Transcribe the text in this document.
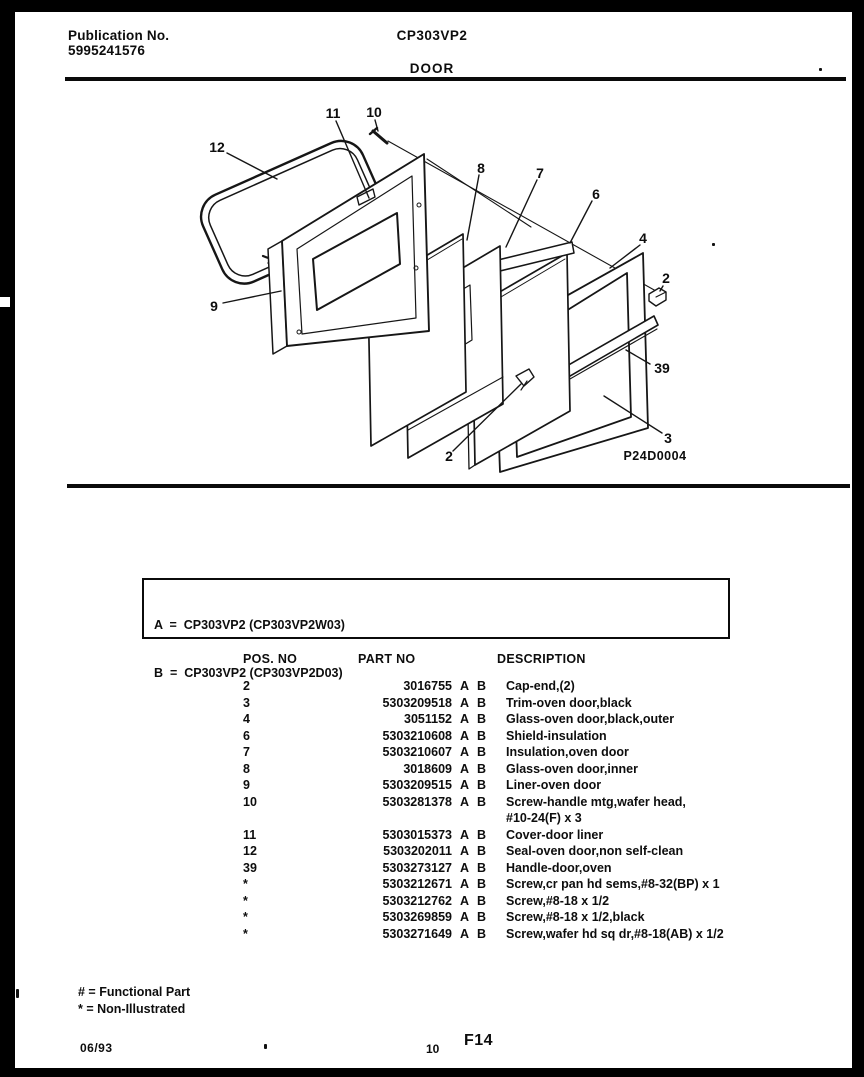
Publication No.
5995241576
CP303VP2
DOOR
12
11 10
9
8	7
6
4
2
39
3
2	P24D0004

A  =  CP303VP2 (CP303VP2W03)

B  =  CP303VP2 (CP303VP2D03)

POS. NO	PART NO	DESCRIPTION
2	3016755 A B	Cap-end,(2)
3	5303209518 A B	Trim-oven door,black
4	3051152 A B	Glass-oven door,black,outer
6	5303210608 A B	Shield-insulation
7	5303210607 A B	Insulation,oven door
8	3018609 A B	Glass-oven door,inner
9	5303209515 A B	Liner-oven door
10	5303281378 A B	Screw-handle mtg,wafer head,
#10-24(F) x 3
11	5303015373 A B	Cover-door liner
12	5303202011 A B	Seal-oven door,non self-clean
39	5303273127 A B	Handle-door,oven
*	5303212671 A B	Screw,cr pan hd sems,#8-32(BP) x 1
*	5303212762 A B	Screw,#8-18 x 1/2
*	5303269859 A B	Screw,#8-18 x 1/2,black
*	5303271649 A B	Screw,wafer hd sq dr,#8-18(AB) x 1/2
# = Functional Part
* = Non-Illustrated
06/93	10 F14
